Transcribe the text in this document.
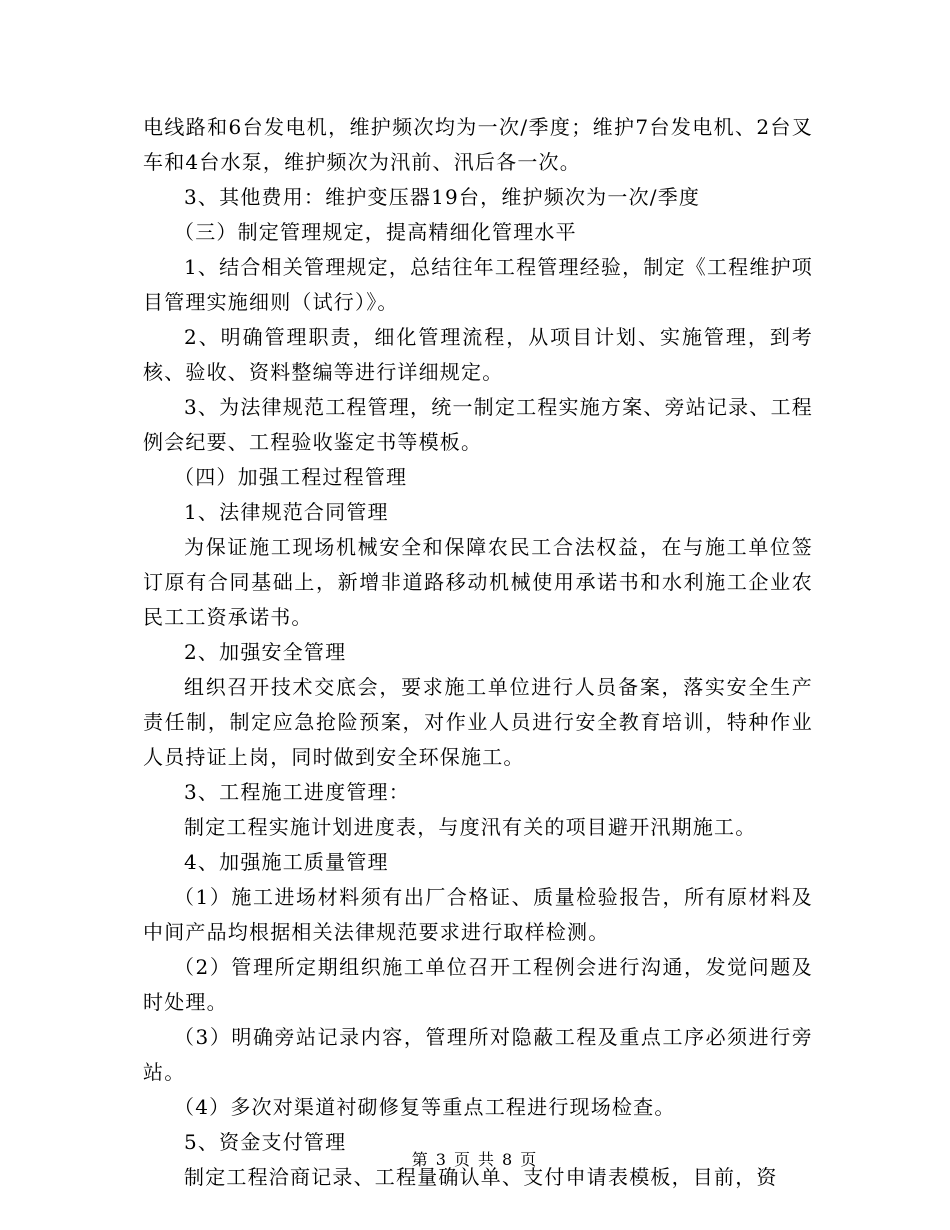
电线路和6台发电机，维护频次均为一次/季度；维护7台发电机、2台叉车和4台水泵，维护频次为汛前、汛后各一次。

3、其他费用：维护变压器19台，维护频次为一次/季度

（三）制定管理规定，提高精细化管理水平

1、结合相关管理规定，总结往年工程管理经验，制定《工程维护项目管理实施细则（试行）》。

2、明确管理职责，细化管理流程，从项目计划、实施管理，到考核、验收、资料整编等进行详细规定。

3、为法律规范工程管理，统一制定工程实施方案、旁站记录、工程例会纪要、工程验收鉴定书等模板。

（四）加强工程过程管理

1、法律规范合同管理

为保证施工现场机械安全和保障农民工合法权益，在与施工单位签订原有合同基础上，新增非道路移动机械使用承诺书和水利施工企业农民工工资承诺书。

2、加强安全管理

组织召开技术交底会，要求施工单位进行人员备案，落实安全生产责任制，制定应急抢险预案，对作业人员进行安全教育培训，特种作业人员持证上岗，同时做到安全环保施工。

3、工程施工进度管理：

制定工程实施计划进度表，与度汛有关的项目避开汛期施工。

4、加强施工质量管理

（1）施工进场材料须有出厂合格证、质量检验报告，所有原材料及中间产品均根据相关法律规范要求进行取样检测。

（2）管理所定期组织施工单位召开工程例会进行沟通，发觉问题及时处理。

（3）明确旁站记录内容，管理所对隐蔽工程及重点工序必须进行旁站。

（4）多次对渠道衬砌修复等重点工程进行现场检查。

5、资金支付管理

制定工程洽商记录、工程量确认单、支付申请表模板，目前，资

第 3 页 共 8 页
